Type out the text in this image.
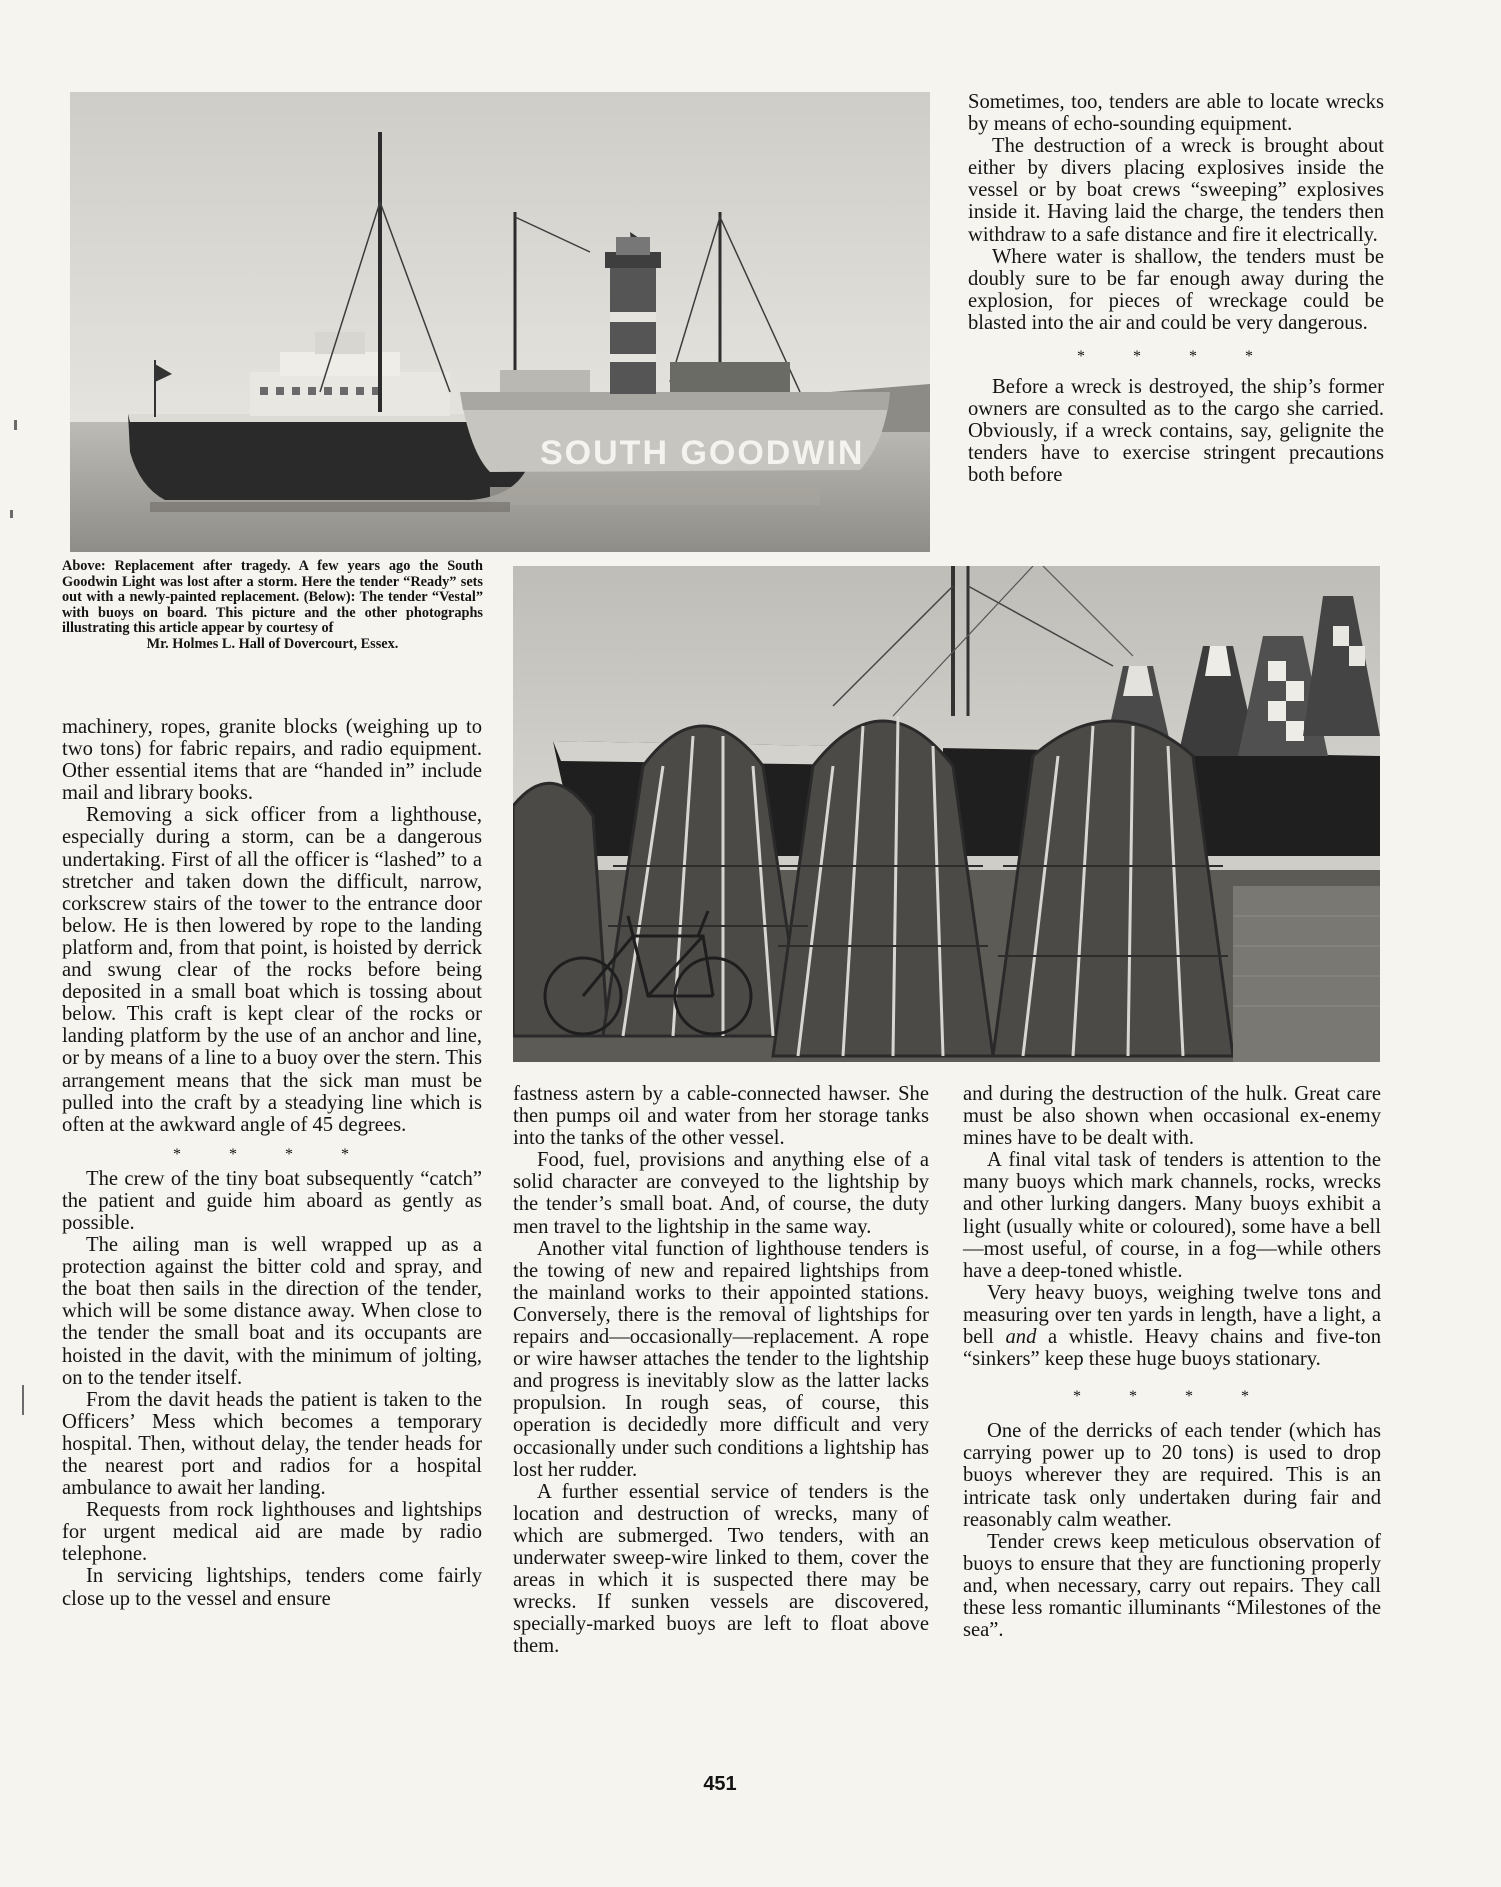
SOUTH GOODWIN
Above: Replacement after tragedy. A few years ago the South Goodwin Light was lost after a storm. Here the tender “Ready” sets out with a newly-painted replacement. (Below): The tender “Vestal” with buoys on board. This picture and the other photographs illustrating this article appear by courtesy of
Mr. Holmes L. Hall of Dovercourt, Essex.

machinery, ropes, granite blocks (weighing up to two tons) for fabric repairs, and radio equipment. Other essential items that are “handed in” include mail and library books.

Removing a sick officer from a lighthouse, especially during a storm, can be a dangerous undertaking. First of all the officer is “lashed” to a stretcher and taken down the difficult, narrow, corkscrew stairs of the tower to the entrance door below. He is then lowered by rope to the landing platform and, from that point, is hoisted by derrick and swung clear of the rocks before being deposited in a small boat which is tossing about below. This craft is kept clear of the rocks or landing platform by the use of an anchor and line, or by means of a line to a buoy over the stern. This arrangement means that the sick man must be pulled into the craft by a steadying line which is often at the awkward angle of 45 degrees.

* * * *

The crew of the tiny boat subsequently “catch” the patient and guide him aboard as gently as possible.

The ailing man is well wrapped up as a protection against the bitter cold and spray, and the boat then sails in the direction of the tender, which will be some distance away. When close to the tender the small boat and its occupants are hoisted in the davit, with the minimum of jolting, on to the tender itself.

From the davit heads the patient is taken to the Officers’ Mess which becomes a temporary hospital. Then, without delay, the tender heads for the nearest port and radios for a hospital ambulance to await her landing.

Requests from rock lighthouses and lightships for urgent medical aid are made by radio telephone.

In servicing lightships, tenders come fairly close up to the vessel and ensure

fastness astern by a cable-connected hawser. She then pumps oil and water from her storage tanks into the tanks of the other vessel.

Food, fuel, provisions and anything else of a solid character are conveyed to the lightship by the tender’s small boat. And, of course, the duty men travel to the lightship in the same way.

Another vital function of lighthouse tenders is the towing of new and repaired lightships from the mainland works to their appointed stations. Conversely, there is the removal of lightships for repairs and—occasionally—replacement. A rope or wire hawser attaches the tender to the lightship and progress is inevitably slow as the latter lacks propulsion. In rough seas, of course, this operation is decidedly more difficult and very occasionally under such conditions a lightship has lost her rudder.

A further essential service of tenders is the location and destruction of wrecks, many of which are submerged. Two tenders, with an underwater sweep-wire linked to them, cover the areas in which it is suspected there may be wrecks. If sunken vessels are discovered, specially-marked buoys are left to float above them.

Sometimes, too, tenders are able to locate wrecks by means of echo-sounding equipment.

The destruction of a wreck is brought about either by divers placing explosives inside the vessel or by boat crews “sweeping” explosives inside it. Having laid the charge, the tenders then withdraw to a safe distance and fire it electrically.

Where water is shallow, the tenders must be doubly sure to be far enough away during the explosion, for pieces of wreckage could be blasted into the air and could be very dangerous.

* * * *

Before a wreck is destroyed, the ship’s former owners are consulted as to the cargo she carried. Obviously, if a wreck contains, say, gelignite the tenders have to exercise stringent precautions both before

and during the destruction of the hulk. Great care must be also shown when occasional ex-enemy mines have to be dealt with.

A final vital task of tenders is attention to the many buoys which mark channels, rocks, wrecks and other lurking dangers. Many buoys exhibit a light (usually white or coloured), some have a bell—most useful, of course, in a fog—while others have a deep-toned whistle.

Very heavy buoys, weighing twelve tons and measuring over ten yards in length, have a light, a bell and a whistle. Heavy chains and five-ton “sinkers” keep these huge buoys stationary.

* * * *

One of the derricks of each tender (which has carrying power up to 20 tons) is used to drop buoys wherever they are required. This is an intricate task only undertaken during fair and reasonably calm weather.

Tender crews keep meticulous observation of buoys to ensure that they are functioning properly and, when necessary, carry out repairs. They call these less romantic illuminants “Milestones of the sea”.

451
